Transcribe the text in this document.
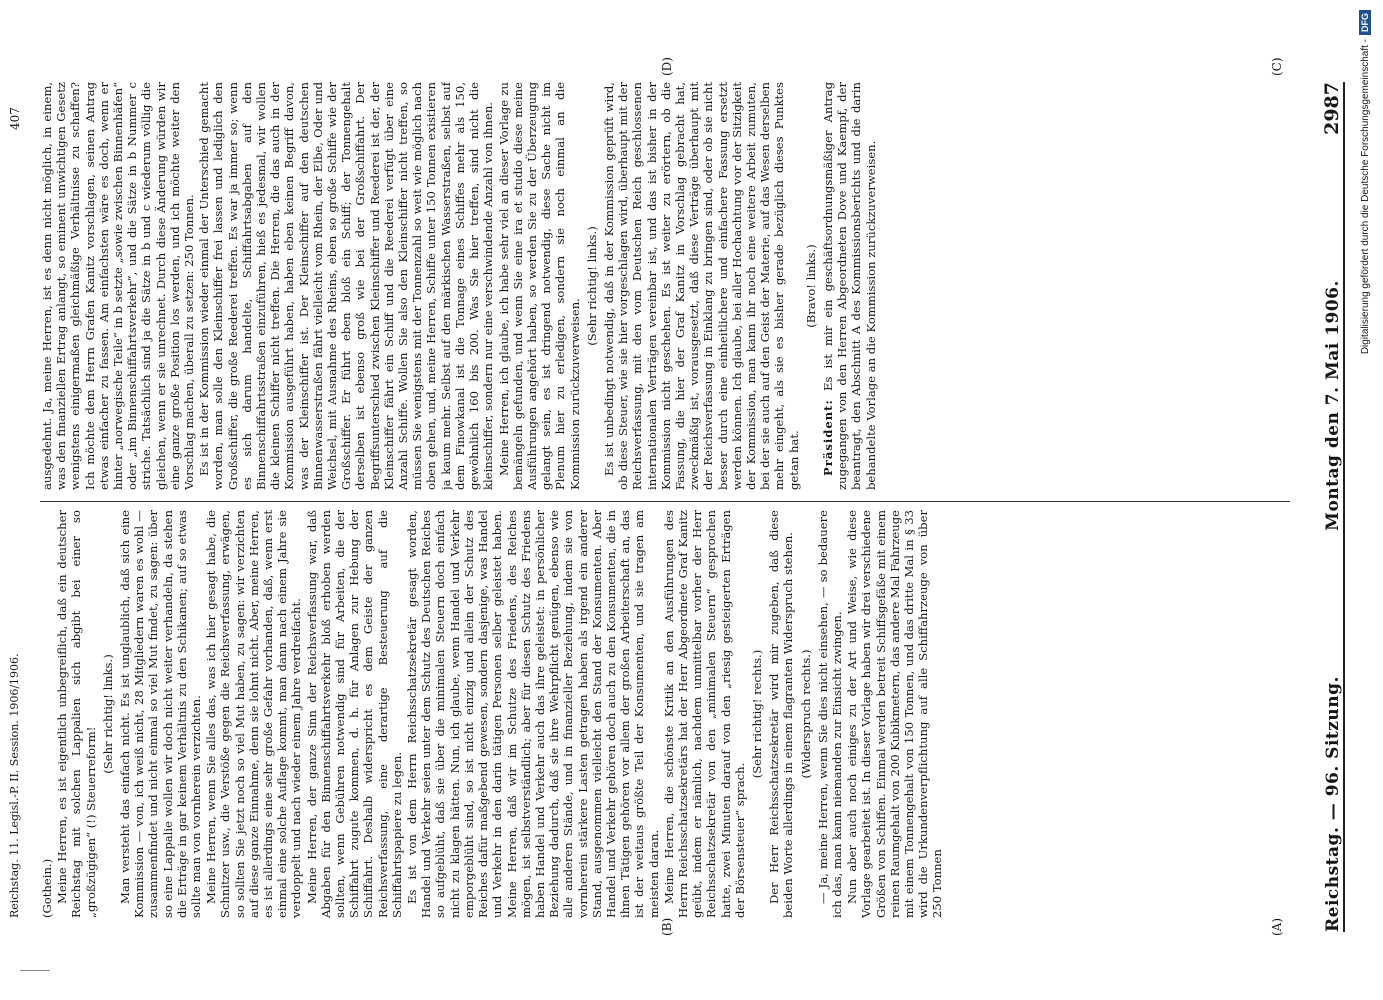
Reichstag. — 96. Sitzung.
Montag den 7. Mai 1906.
2987
(A)
(B)
(C)
(D)

(Gothein.) Meine Herren, es ist eigentlich unbegreiflich, daß ein deutscher Reichstag mit solchen Lappalien sich abgibt bei einer so „großzügigen“ (!) Steuerreform!

(Sehr richtig! links.) Man versteht das einfach nicht. Es ist unglaublich, daß sich eine Kommission — von, ich weiß nicht, 28 Mitgliedern waren es wohl — zusammenfindet und nicht einmal so viel Mut findet, zu sagen: über so eine Lappalie wollen wir doch nicht weiter verhandeln, da stehen die Erträge in gar keinem Verhältnis zu den Schikanen; auf so etwas sollte man von vornherein verzichten. Meine Herren, wenn Sie alles das, was ich hier gesagt habe, die Schnitzer usw., die Verstöße gegen die Reichsverfassung, erwägen, so sollten Sie jetzt noch so viel Mut haben, zu sagen: wir verzichten auf diese ganze Einnahme, denn sie lohnt nicht. Aber, meine Herren, es ist allerdings eine sehr große Gefahr vorhanden, daß, wenn erst einmal eine solche Auflage kommt, man dann nach einem Jahre sie verdoppelt und nach wieder einem Jahre verdreifacht. Meine Herren, der ganze Sinn der Reichsverfassung war, daß Abgaben für den Binnenschiffahrtsverkehr bloß erhoben werden sollten, wenn Gebühren notwendig sind für Arbeiten, die der Schiffahrt zugute kommen, d. h. für Anlagen zur Hebung der Schiffahrt. Deshalb widerspricht es dem Geiste der ganzen Reichsverfassung, eine derartige Besteuerung auf die Schiffahrtspapiere zu legen. Es ist von dem Herrn Reichsschatzsekretär gesagt worden, Handel und Verkehr seien unter dem Schutz des Deutschen Reiches so aufgeblüht, daß sie über die minimalen Steuern doch einfach nicht zu klagen hätten. Nun, ich glaube, wenn Handel und Verkehr emporgeblüht sind, so ist nicht einzig und allein der Schutz des Reiches dafür maßgebend gewesen, sondern dasjenige, was Handel und Verkehr in den darin tätigen Personen selber geleistet haben. Meine Herren, daß wir im Schutze des Friedens, des Reiches mögen, ist selbstverständlich; aber für diesen Schutz des Friedens haben Handel und Verkehr auch das ihre geleistet: in persönlicher Beziehung dadurch, daß sie ihre Wehrpflicht genügen, ebenso wie alle anderen Stände, und in finanzieller Beziehung, indem sie von vornherein stärkere Lasten getragen haben als irgend ein anderer Stand, ausgenommen vielleicht den Stand der Konsumenten. Aber Handel und Verkehr gehören doch auch zu den Konsumenten, die in ihnen Tätigen gehören vor allem der großen Arbeiterschaft an, das ist der weitaus größte Teil der Konsumenten, und sie tragen am meisten daran. Meine Herren, die schönste Kritik an den Ausführungen des Herrn Reichsschatzsekretärs hat der Herr Abgeordnete Graf Kanitz geübt, indem er nämlich, nachdem unmittelbar vorher der Herr Reichsschatzsekretär von den „minimalen Steuern“ gesprochen hatte, zwei Minuten darauf von den „riesig gesteigerten Erträgen der Börsensteuer“ sprach.

(Sehr richtig! rechts.) Der Herr Reichsschatzsekretär wird mir zugeben, daß diese beiden Worte allerdings in einem flagranten Widerspruch stehen. (Widerspruch rechts.) — Ja, meine Herren, wenn Sie dies nicht einsehen, — so bedauere ich das, man kann niemanden zur Einsicht zwingen. Nun aber auch noch einiges zu der Art und Weise, wie diese Vorlage gearbeitet ist. In dieser Vorlage haben wir drei verschiedene Größen von Schiffen. Einmal werden betreit Schiffsgefäße mit einem reinen Raumgehalt von 200 Kubikmetern, das andere Mal Fahrzeuge mit einem Tonnengehalt von 150 Tonnen, und das dritte Mal in § 33 wird die Urkundenverpflichtung auf alle Schiffahrzeuge von über 250 Tonnen

ausgedehnt. Ja, meine Herren, ist es denn nicht möglich, in einem, was den finanziellen Ertrag anlangt, so eminent unwichtigen Gesetz wenigstens einigermaßen gleichmäßige Verhältnisse zu schaffen? Ich möchte dem Herrn Grafen Kanitz vorschlagen, seinen Antrag etwas einfacher zu fassen. Am einfachsten wäre es doch, wenn er hinter „norwegische Teile“ in b setzte „sowie zwischen Binnenhäfen“ oder „im Binnenschiffahrtsverkehr“, und die Sätze in b Nummer c striche. Tatsächlich sind ja die Sätze in b und c wiederum völlig die gleichen, wenn er sie unrechnet. Durch diese Änderung würden wir eine ganze große Position los werden, und ich möchte weiter den Vorschlag machen, überall zu setzen: 250 Tonnen. Es ist in der Kommission wieder einmal der Unterschied gemacht worden, man solle den Kleinschiffer frei lassen und lediglich den Großschiffer, die große Reederei treffen. Es war ja immer so; wenn es sich darum handelte, Schiffahrtsabgaben auf den Binnenschiffahrtsstraßen einzuführen, hieß es jedesmal, wir wollen die kleinen Schiffer nicht treffen. Die Herren, die das auch in der Kommission ausgeführt haben, haben eben keinen Begriff davon, was der Kleinschiffer ist. Der Kleinschiffer auf den deutschen Binnenwasserstraßen fährt vielleicht vom Rhein, der Elbe, Oder und Weichsel, mit Ausnahme des Rheins, eben so große Schiffe wie der Großschiffer. Er führt eben bloß ein Schiff; der Tonnengehalt derselben ist ebenso groß wie bei der Großschiffahrt. Der Begriffsunterschied zwischen Kleinschiffer und Reederei ist der, der Kleinschiffer fährt ein Schiff und die Reederei verfügt über eine Anzahl Schiffe. Wollen Sie also den Kleinschiffer nicht treffen, so müssen Sie wenigstens mit der Tonnenzahl so weit wie möglich nach oben gehen, und, meine Herren, Schiffe unter 150 Tonnen existieren ja kaum mehr. Selbst auf den märkischen Wasserstraßen, selbst auf dem Finowkanal ist die Tonnage eines Schiffes mehr als 150, gewöhnlich 160 bis 200. Was Sie hier treffen, sind nicht die kleinschiffer, sondern nur eine verschwindende Anzahl von ihnen. Meine Herren, ich glaube, ich habe sehr viel an dieser Vorlage zu bemängeln gefunden, und wenn Sie eine ira et studio diese meine Ausführungen angehört haben, so werden Sie zu der Überzeugung gelangt sein, es ist dringend notwendig, diese Sache nicht im Plenum hier zu erledigen, sondern sie noch einmal an die Kommission zurückzuverweisen.

(Sehr richtig! links.) Es ist unbedingt notwendig, daß in der Kommission geprüft wird, ob diese Steuer, wie sie hier vorgeschlagen wird, überhaupt mit der Reichsverfassung, mit den vom Deutschen Reich geschlossenen internationalen Verträgen vereinbar ist, und das ist bisher in der Kommission nicht geschehen. Es ist weiter zu erörtern, ob die Fassung, die hier der Graf Kanitz in Vorschlag gebracht hat, zweckmäßig ist, vorausgesetzt, daß diese Verträge überhaupt mit der Reichsverfassung in Einklang zu bringen sind, oder ob sie nicht besser durch eine einheitlichere und einfachere Fassung ersetzt werden können. Ich glaube, bei aller Hochachtung vor der Sitzigkeit der Kommission, man kann ihr noch eine weitere Arbeit zumuten, bei der sie auch auf den Geist der Materie, auf das Wesen derselben mehr eingeht, als sie es bisher gerade bezüglich dieses Punktes getan hat.

(Bravo! links.)

Präsident: Es ist mir ein geschäftsordnungsmäßiger Antrag zugegangen von den Herren Abgeordneten Dove und Kaempf, der beantragt, den Abschnitt A des Kommissionsberichts und die darin behandelte Vorlage an die Kommission zurückzuverweisen.

Reichstag. 11. Legisl.-P. II. Session. 1906/1906.
407	Digitalisierung gefördert durch die Deutsche Forschungsgemeinschaft -
DFG
